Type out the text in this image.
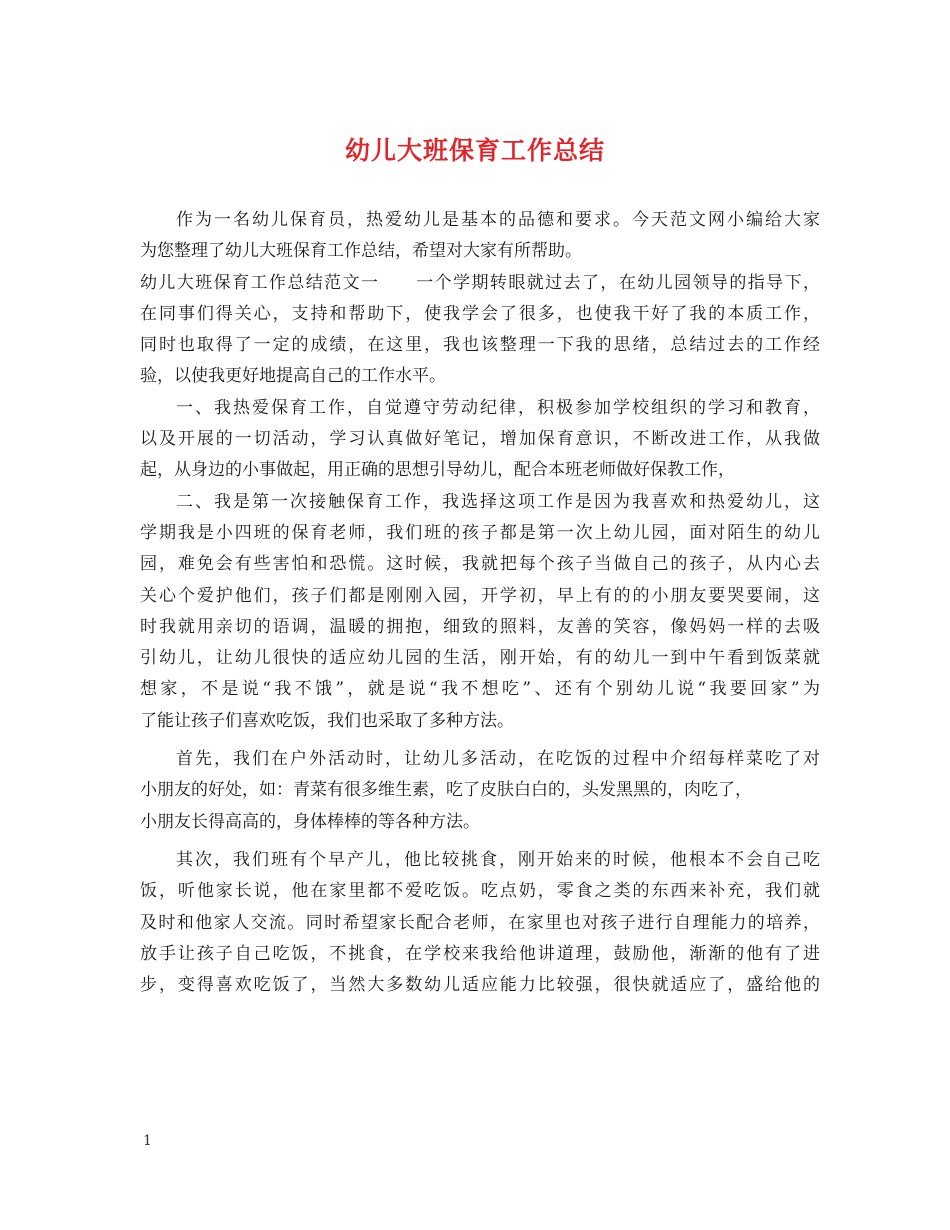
幼儿大班保育工作总结
作为一名幼儿保育员，热爱幼儿是基本的品德和要求。今天范文网小编给大家
为您整理了幼儿大班保育工作总结，希望对大家有所帮助。
幼儿大班保育工作总结范文一　　一个学期转眼就过去了，在幼儿园领导的指导下，
在同事们得关心，支持和帮助下，使我学会了很多，也使我干好了我的本质工作，
同时也取得了一定的成绩，在这里，我也该整理一下我的思绪，总结过去的工作经
验，以使我更好地提高自己的工作水平。
一、我热爱保育工作，自觉遵守劳动纪律，积极参加学校组织的学习和教育，
以及开展的一切活动，学习认真做好笔记，增加保育意识，不断改进工作，从我做
起，从身边的小事做起，用正确的思想引导幼儿，配合本班老师做好保教工作，
二、我是第一次接触保育工作，我选择这项工作是因为我喜欢和热爱幼儿，这
学期我是小四班的保育老师，我们班的孩子都是第一次上幼儿园，面对陌生的幼儿
园，难免会有些害怕和恐慌。这时候，我就把每个孩子当做自己的孩子，从内心去
关心个爱护他们，孩子们都是刚刚入园，开学初，早上有的的小朋友要哭要闹，这
时我就用亲切的语调，温暖的拥抱，细致的照料，友善的笑容，像妈妈一样的去吸
引幼儿，让幼儿很快的适应幼儿园的生活，刚开始，有的幼儿一到中午看到饭菜就
想家，不是说“我不饿”，就是说“我不想吃”、还有个别幼儿说“我要回家”为
了能让孩子们喜欢吃饭，我们也采取了多种方法。
首先，我们在户外活动时，让幼儿多活动，在吃饭的过程中介绍每样菜吃了对
小朋友的好处，如：青菜有很多维生素，吃了皮肤白白的，头发黑黑的，肉吃了，
小朋友长得高高的，身体棒棒的等各种方法。
其次，我们班有个早产儿，他比较挑食，刚开始来的时候，他根本不会自己吃
饭，听他家长说，他在家里都不爱吃饭。吃点奶，零食之类的东西来补充，我们就
及时和他家人交流。同时希望家长配合老师，在家里也对孩子进行自理能力的培养，
放手让孩子自己吃饭，不挑食，在学校来我给他讲道理，鼓励他，渐渐的他有了进
步，变得喜欢吃饭了，当然大多数幼儿适应能力比较强，很快就适应了，盛给他的
1
